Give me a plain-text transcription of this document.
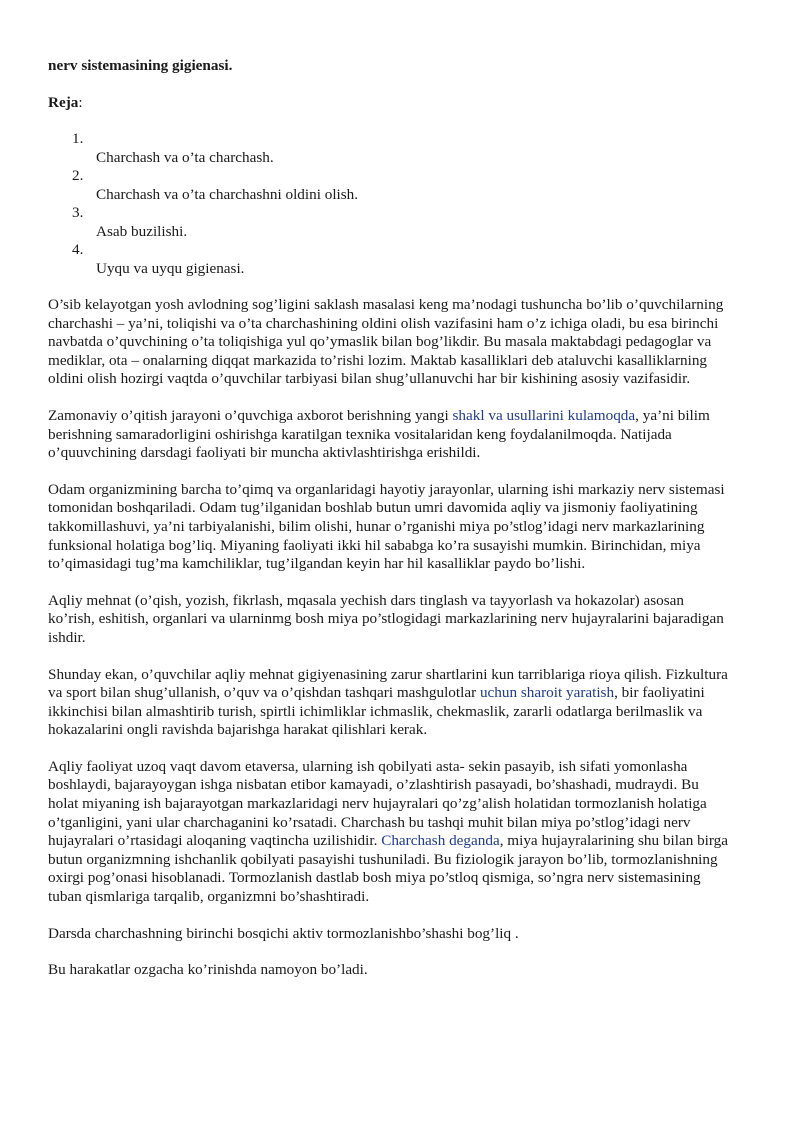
nerv sistemasining gigienasi.
Reja:
1.
Charchash va o’ta charchash.
2.
Charchash va o’ta charchashni oldini olish.
3.
Asab buzilishi.
4.
Uyqu va uyqu gigienasi.

O’sib kelayotgan yosh avlodning sog’ligini saklash masalasi keng ma’nodagi tushuncha bo’lib o’quvchilarning charchashi – ya’ni, toliqishi va o’ta charchashining oldini olish vazifasini ham o’z ichiga oladi, bu esa birinchi navbatda o’quvchining o’ta toliqishiga yul qo’ymaslik bilan bog’likdir. Bu masala maktabdagi pedagoglar va mediklar, ota – onalarning diqqat markazida to’rishi lozim. Maktab kasalliklari deb ataluvchi kasalliklarning oldini olish hozirgi vaqtda o’quvchilar tarbiyasi bilan shug’ullanuvchi har bir kishining asosiy vazifasidir.

Zamonaviy o’qitish jarayoni o’quvchiga axborot berishning yangi shakl va usullarini kulamoqda, ya’ni bilim berishning samaradorligini oshirishga karatilgan texnika vositalaridan keng foydalanilmoqda. Natijada o’quuvchining darsdagi faoliyati bir muncha aktivlashtirishga erishildi.

Odam organizmining barcha to’qimq va organlaridagi hayotiy jarayonlar, ularning ishi markaziy nerv sistemasi tomonidan boshqariladi. Odam tug’ilganidan boshlab butun umri davomida aqliy va jismoniy faoliyatining takkomillashuvi, ya’ni tarbiyalanishi, bilim olishi, hunar o’rganishi miya po’stlog’idagi nerv markazlarining funksional holatiga bog’liq. Miyaning faoliyati ikki hil sababga ko’ra susayishi mumkin. Birinchidan, miya to’qimasidagi tug’ma kamchiliklar, tug’ilgandan keyin har hil kasalliklar paydo bo’lishi.

Aqliy mehnat (o’qish, yozish, fikrlash, mqasala yechish dars tinglash va tayyorlash va hokazolar) asosan ko’rish, eshitish, organlari va ularninmg bosh miya po’stlogidagi markazlarining nerv hujayralarini bajaradigan ishdir.

Shunday ekan, o’quvchilar aqliy mehnat gigiyenasining zarur shartlarini kun tarriblariga rioya qilish. Fizkultura va sport bilan shug’ullanish, o’quv va o’qishdan tashqari mashgulotlar uchun sharoit yaratish, bir faoliyatini ikkinchisi bilan almashtirib turish, spirtli ichimliklar ichmaslik, chekmaslik, zararli odatlarga berilmaslik va hokazalarini ongli ravishda bajarishga harakat qilishlari kerak.

Aqliy faoliyat uzoq vaqt davom etaversa, ularning ish qobilyati asta- sekin pasayib, ish sifati yomonlasha boshlaydi, bajarayoygan ishga nisbatan etibor kamayadi, o’zlashtirish pasayadi, bo’shashadi, mudraydi. Bu holat miyaning ish bajarayotgan markazlaridagi nerv hujayralari qo’zg’alish holatidan tormozlanish holatiga o’tganligini, yani ular charchaganini ko’rsatadi. Charchash bu tashqi muhit bilan miya po’stlog’idagi nerv hujayralari o’rtasidagi aloqaning vaqtincha uzilishidir. Charchash deganda, miya hujayralarining shu bilan birga butun organizmning ishchanlik qobilyati pasayishi tushuniladi. Bu fiziologik jarayon bo’lib, tormozlanishning oxirgi pog’onasi hisoblanadi. Tormozlanish dastlab bosh miya po’stloq qismiga, so’ngra nerv sistemasining tuban qismlariga tarqalib, organizmni bo’shashtiradi.

Darsda charchashning birinchi bosqichi aktiv tormozlanishbo’shashi bog’liq .

Bu harakatlar ozgacha ko’rinishda namoyon bo’ladi.
